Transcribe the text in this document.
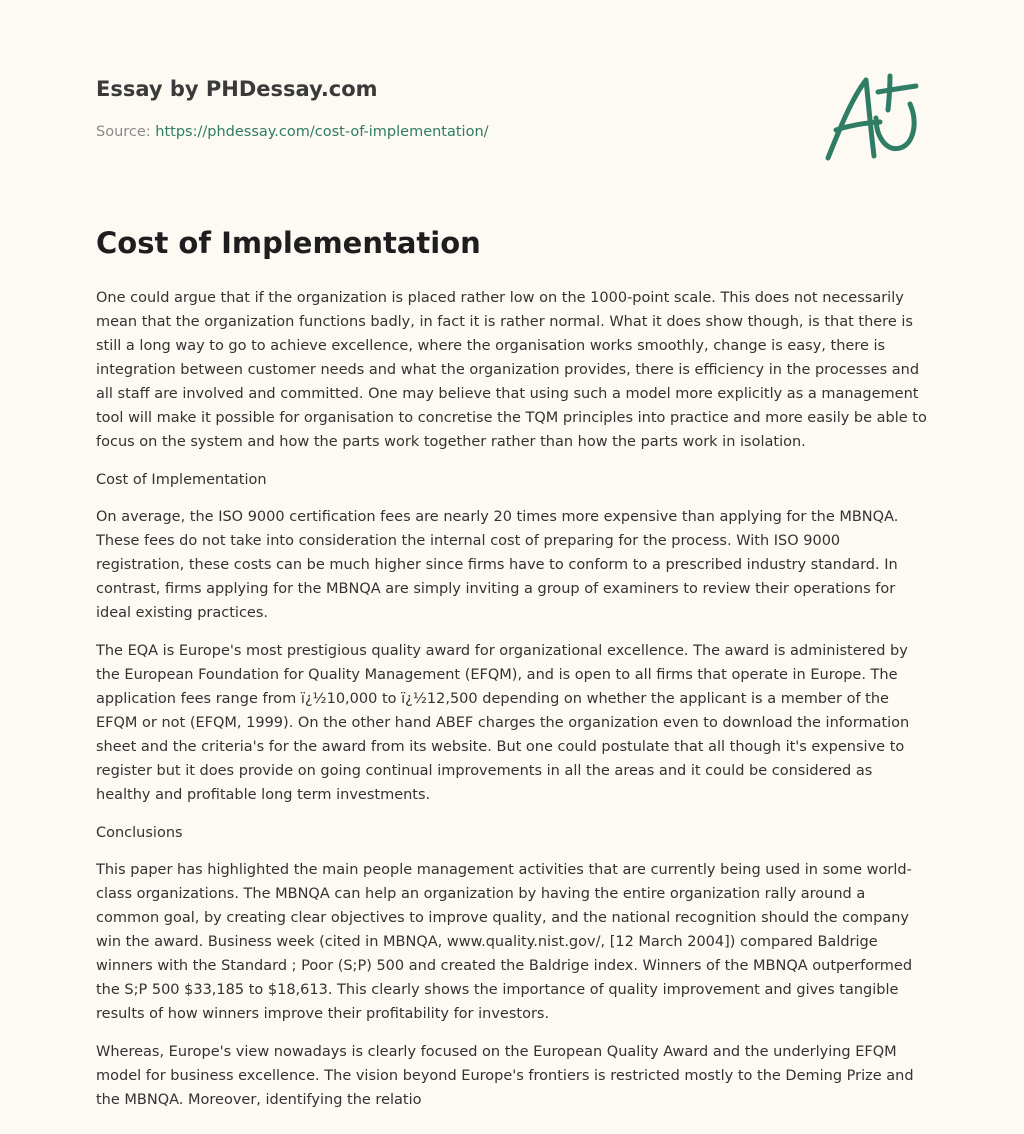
Essay by PHDessay.com
Source: https://phdessay.com/cost-of-implementation/
Cost of Implementation

One could argue that if the organization is placed rather low on the 1000-point scale. This does not necessarily mean that the organization functions badly, in fact it is rather normal. What it does show though, is that there is still a long way to go to achieve excellence, where the organisation works smoothly, change is easy, there is integration between customer needs and what the organization provides, there is efficiency in the processes and all staff are involved and committed. One may believe that using such a model more explicitly as a management tool will make it possible for organisation to concretise the TQM principles into practice and more easily be able to focus on the system and how the parts work together rather than how the parts work in isolation.

Cost of Implementation

On average, the ISO 9000 certification fees are nearly 20 times more expensive than applying for the MBNQA. These fees do not take into consideration the internal cost of preparing for the process. With ISO 9000 registration, these costs can be much higher since firms have to conform to a prescribed industry standard. In contrast, firms applying for the MBNQA are simply inviting a group of examiners to review their operations for ideal existing practices.

The EQA is Europe's most prestigious quality award for organizational excellence. The award is administered by the European Foundation for Quality Management (EFQM), and is open to all firms that operate in Europe. The application fees range from ï¿½10,000 to ï¿½12,500 depending on whether the applicant is a member of the EFQM or not (EFQM, 1999). On the other hand ABEF charges the organization even to download the information sheet and the criteria's for the award from its website. But one could postulate that all though it's expensive to register but it does provide on going continual improvements in all the areas and it could be considered as healthy and profitable long term investments.

Conclusions

This paper has highlighted the main people management activities that are currently being used in some world-class organizations. The MBNQA can help an organization by having the entire organization rally around a common goal, by creating clear objectives to improve quality, and the national recognition should the company win the award. Business week (cited in MBNQA, www.quality.nist.gov/, [12 March 2004]) compared Baldrige winners with the Standard ; Poor (S;P) 500 and created the Baldrige index. Winners of the MBNQA outperformed the S;P 500 $33,185 to $18,613. This clearly shows the importance of quality improvement and gives tangible results of how winners improve their profitability for investors.

Whereas, Europe's view nowadays is clearly focused on the European Quality Award and the underlying EFQM model for business excellence. The vision beyond Europe's frontiers is restricted mostly to the Deming Prize and the MBNQA. Moreover, identifying the relatio
